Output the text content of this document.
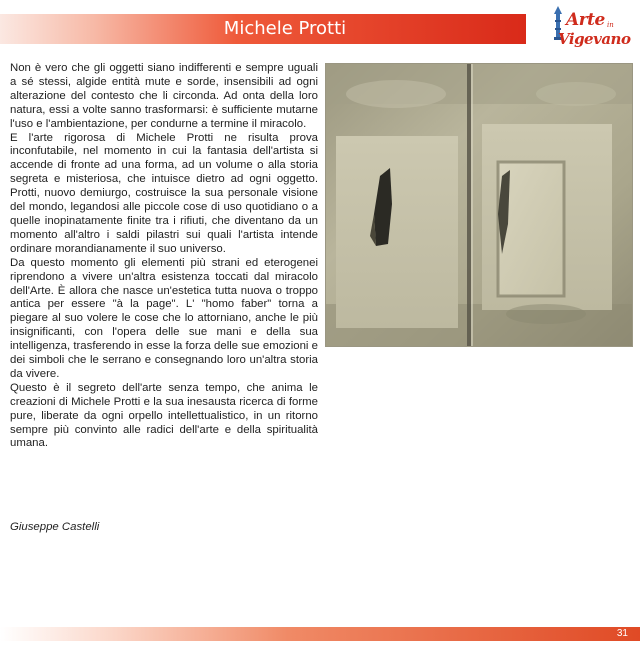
Michele Protti	Arte in
Vigevano

Non è vero che gli oggetti siano indifferenti e sempre uguali a sé stessi, algide entità mute e sorde, insensibili ad ogni alterazione del contesto che li circonda. Ad onta della loro natura, essi a volte sanno trasformarsi: è sufficiente mutarne l'uso e l'ambientazione, per condurne a termine il miracolo.

E l'arte rigorosa di Michele Protti ne risulta prova inconfutabile, nel momento in cui la fantasia dell'artista si accende di fronte ad una forma, ad un volume o alla storia segreta e misteriosa, che intuisce dietro ad ogni oggetto. Protti, nuovo demiurgo, costruisce la sua personale visione del mondo, legandosi alle piccole cose di uso quotidiano o a quelle inopinatamente finite tra i rifiuti, che diventano da un momento all'altro i saldi pilastri sui quali l'artista intende ordinare morandianamente il suo universo.

Da questo momento gli elementi più strani ed eterogenei riprendono a vivere un'altra esistenza toccati dal miracolo dell'Arte. È allora che nasce un'estetica tutta nuova o troppo antica per essere "à la page". L' "homo faber" torna a piegare al suo volere le cose che lo attorniano, anche le più insignificanti, con l'opera delle sue mani e della sua intelligenza, trasferendo in esse la forza delle sue emozioni e dei simboli che le serrano e consegnando loro un'altra storia da vivere.

Questo è il segreto dell'arte senza tempo, che anima le creazioni di Michele Protti e la sua inesausta ricerca di forme pure, liberate da ogni orpello intellettualistico, in un ritorno sempre più convinto alle radici dell'arte e della spiritualità umana.

Giuseppe Castelli
31
